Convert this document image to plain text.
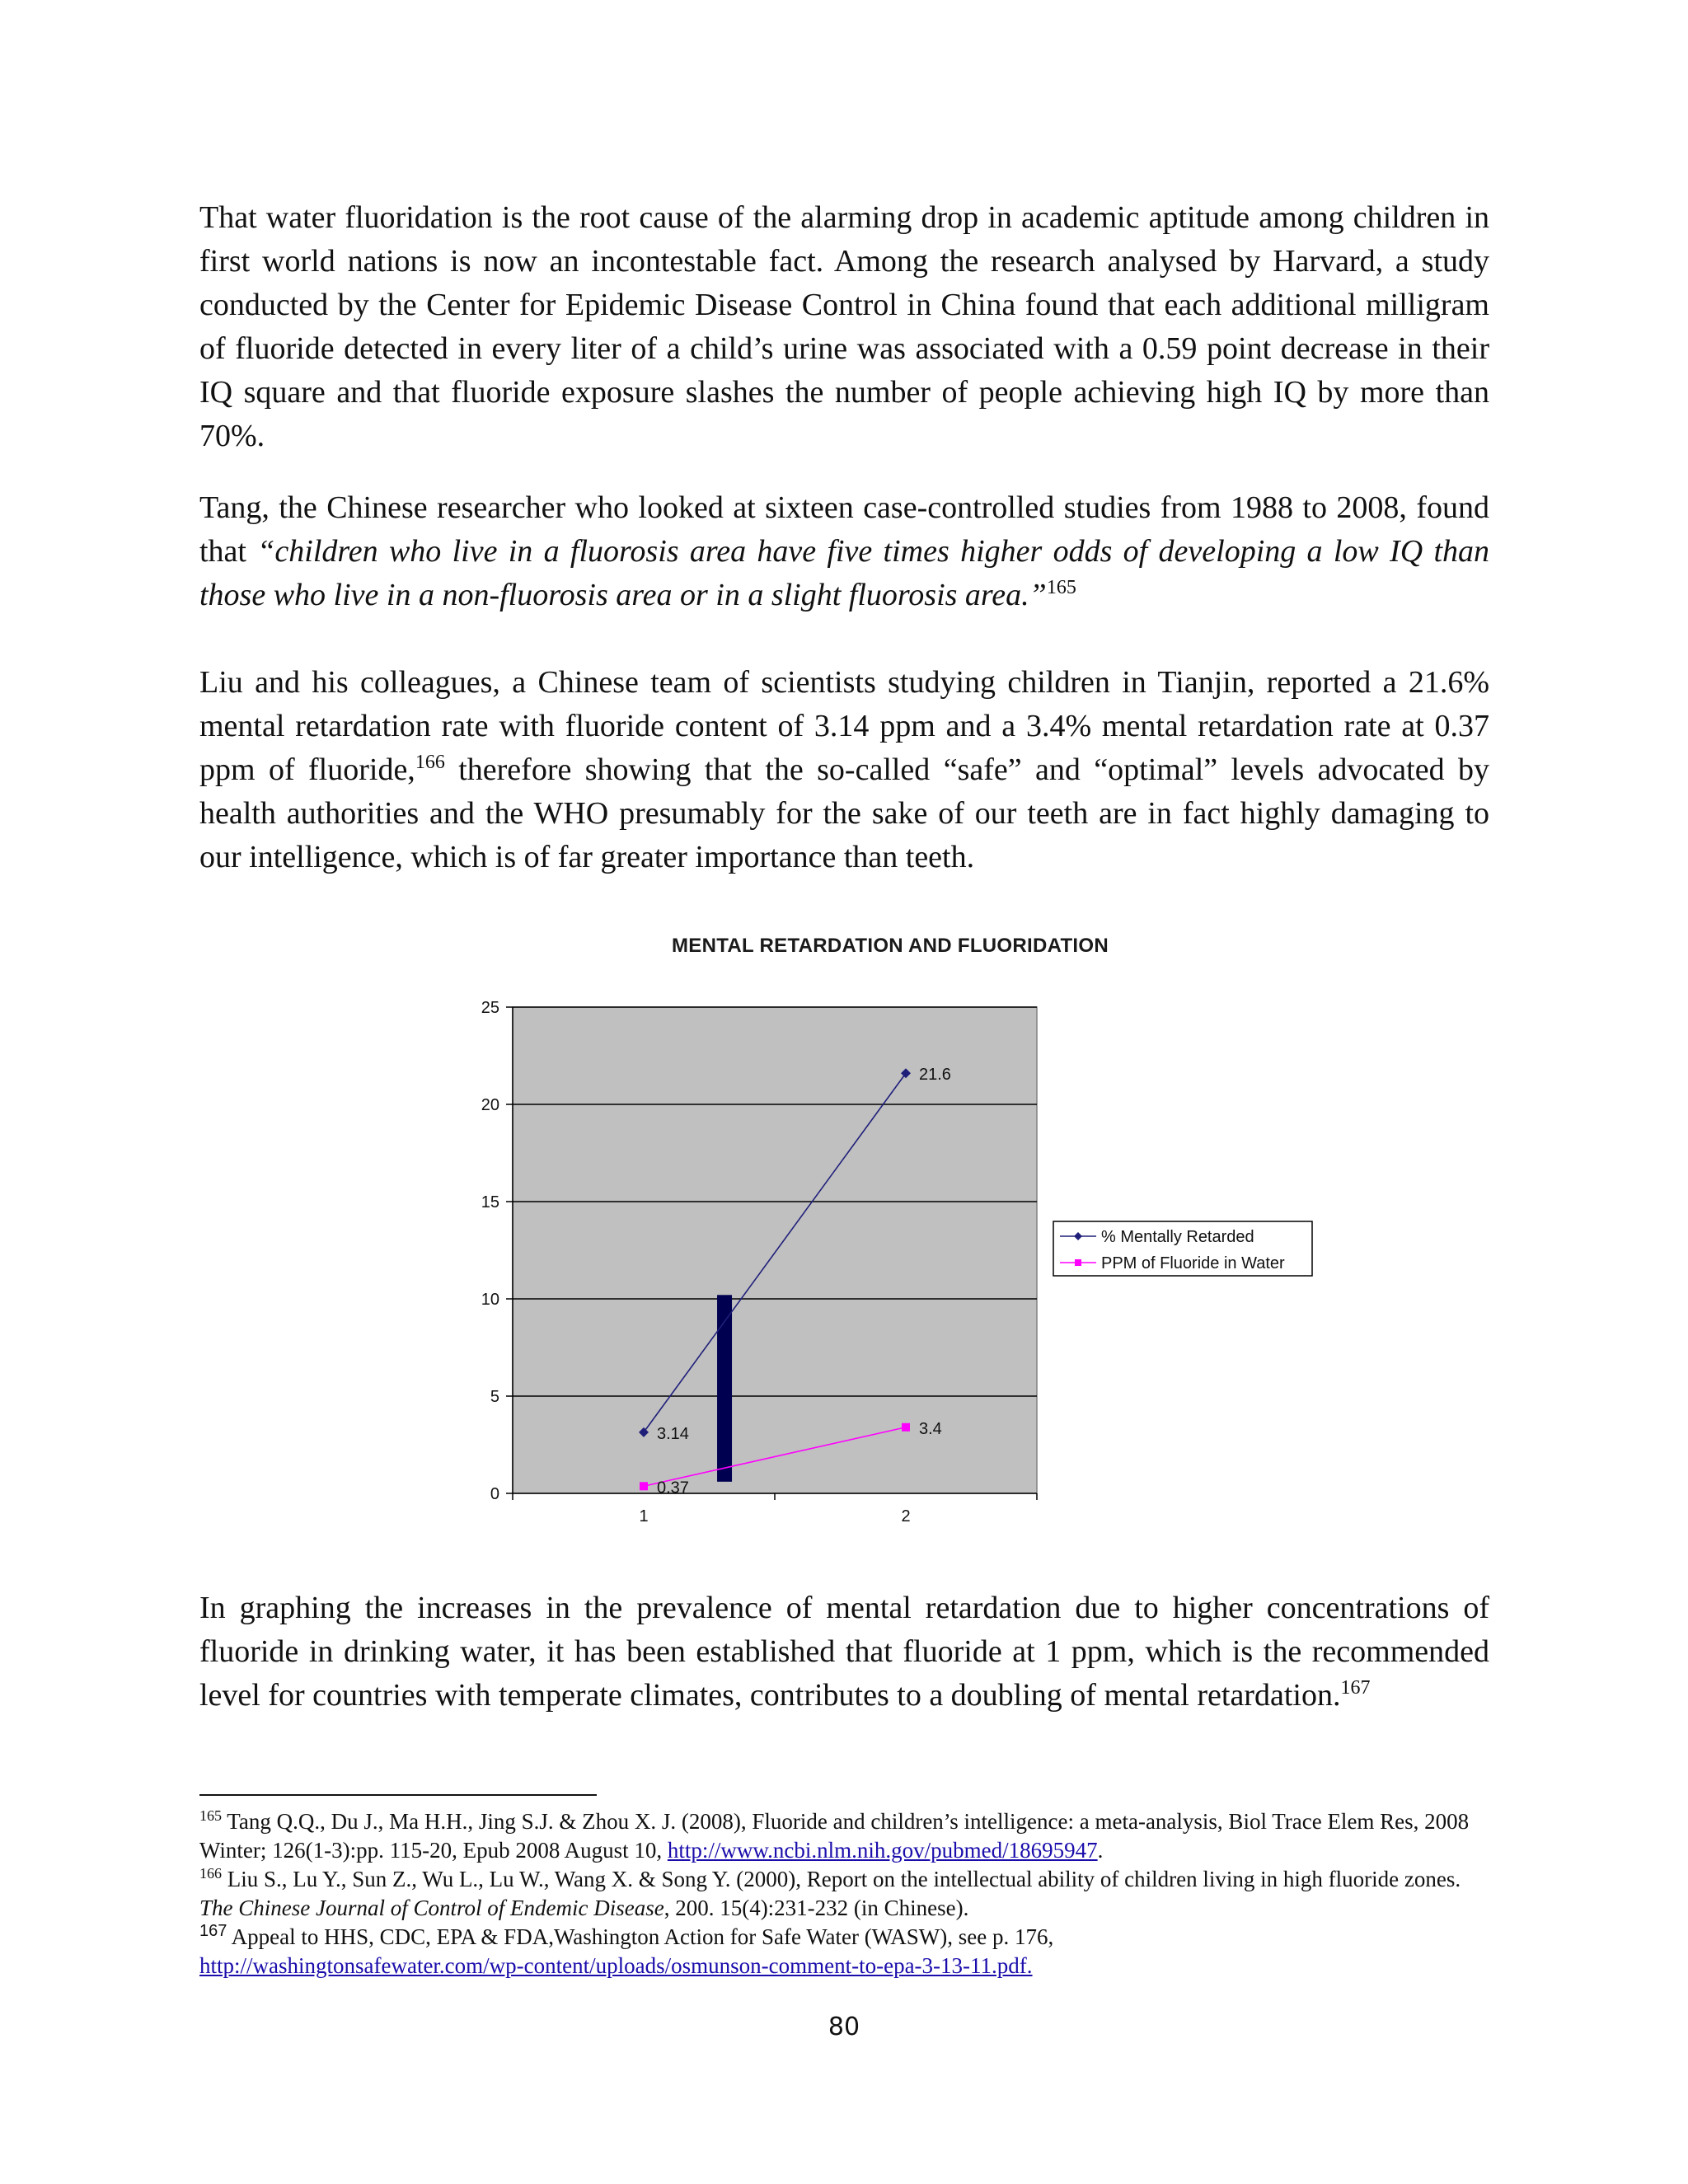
That water fluoridation is the root cause of the alarming drop in academic aptitude among children in first world nations is now an incontestable fact. Among the research analysed by Harvard, a study conducted by the Center for Epidemic Disease Control in China found that each additional milligram of fluoride detected in every liter of a child’s urine was associated with a 0.59 point decrease in their IQ square and that fluoride exposure slashes the number of people achieving high IQ by more than 70%.

Tang, the Chinese researcher who looked at sixteen case-controlled studies from 1988 to 2008, found that “children who live in a fluorosis area have five times higher odds of developing a low IQ than those who live in a non-fluorosis area or in a slight fluorosis area.”$^{165}$

Liu and his colleagues, a Chinese team of scientists studying children in Tianjin, reported a 21.6% mental retardation rate with fluoride content of 3.14 ppm and a 3.4% mental retardation rate at 0.37 ppm of fluoride,$^{166}$ therefore showing that the so-called “safe” and “optimal” levels advocated by health authorities and the WHO presumably for the sake of our teeth are in fact highly damaging to our intelligence, which is of far greater importance than teeth.

MENTAL RETARDATION AND FLUORIDATION
0
5
10
15
20
25
1	2
3.14
21.6
0.37
3.4
% Mentally Retarded
PPM of Fluoride in Water

$^{165}$ Tang Q.Q., Du J., Ma H.H., Jing S.J. & Zhou X. J. (2008), Fluoride and children’s intelligence: a meta-analysis, Biol Trace Elem Res, 2008 Winter; 126(1-3):pp. 115-20, Epub 2008 August 10, http://www.ncbi.nlm.nih.gov/pubmed/18695947.

$^{166}$ Liu S., Lu Y., Sun Z., Wu L., Lu W., Wang X. & Song Y. (2000), Report on the intellectual ability of children living in high fluoride zones. The Chinese Journal of Control of Endemic Disease, 200. 15(4):231-232 (in Chinese).

$^{167}$ Appeal to HHS, CDC, EPA & FDA,Washington Action for Safe Water (WASW), see p. 176,
http://washingtonsafewater.com/wp-content/uploads/osmunson-comment-to-epa-3-13-11.pdf.

In graphing the increases in the prevalence of mental retardation due to higher concentrations of fluoride in drinking water, it has been established that fluoride at 1 ppm, which is the recommended level for countries with temperate climates, contributes to a doubling of mental retardation.$^{167}$

80
